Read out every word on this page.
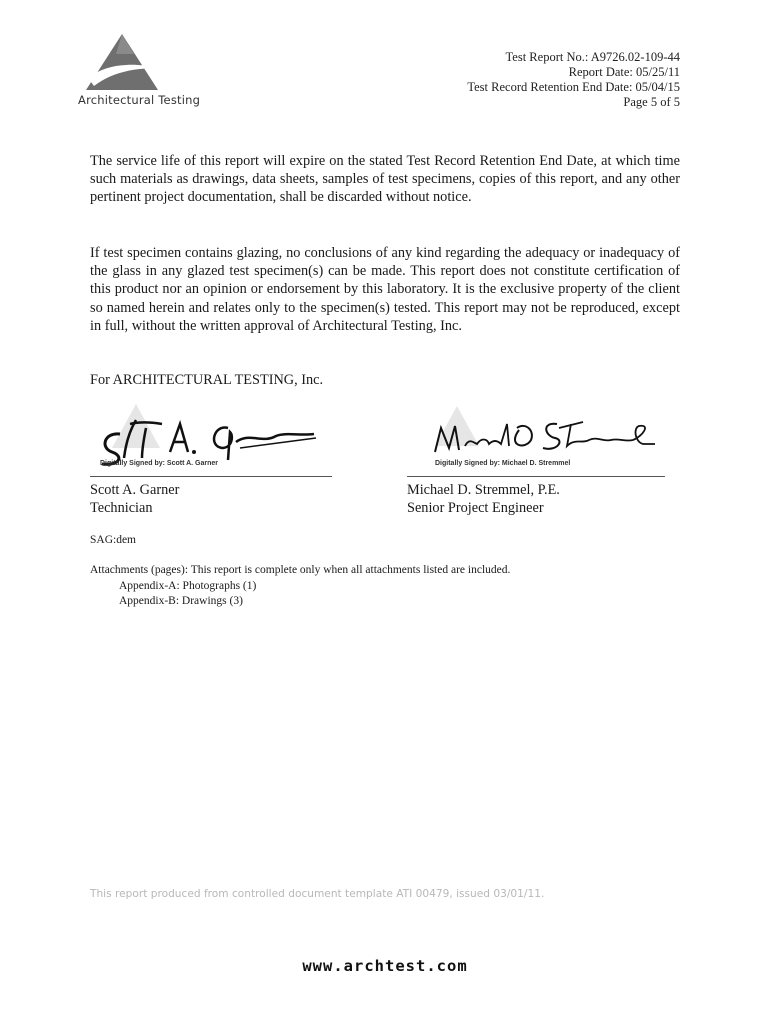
Architectural Testing
Test Report No.: A9726.02-109-44
Report Date: 05/25/11
Test Record Retention End Date: 05/04/15
Page 5 of 5

The service life of this report will expire on the stated Test Record Retention End Date, at which time such materials as drawings, data sheets, samples of test specimens, copies of this report, and any other pertinent project documentation, shall be discarded without notice.

If test specimen contains glazing, no conclusions of any kind regarding the adequacy or inadequacy of the glass in any glazed test specimen(s) can be made. This report does not constitute certification of this product nor an opinion or endorsement by this laboratory. It is the exclusive property of the client so named herein and relates only to the specimen(s) tested. This report may not be reproduced, except in full, without the written approval of Architectural Testing, Inc.

For ARCHITECTURAL TESTING, Inc.
Digitally Signed by: Scott A. Garner
Scott A. Garner
Technician
Digitally Signed by: Michael D. Stremmel
Michael D. Stremmel, P.E.
Senior Project Engineer
SAG:dem
Attachments (pages): This report is complete only when all attachments listed are included.
Appendix-A: Photographs (1)
Appendix-B: Drawings (3)
This report produced from controlled document template ATI 00479, issued 03/01/11.
www.archtest.com
